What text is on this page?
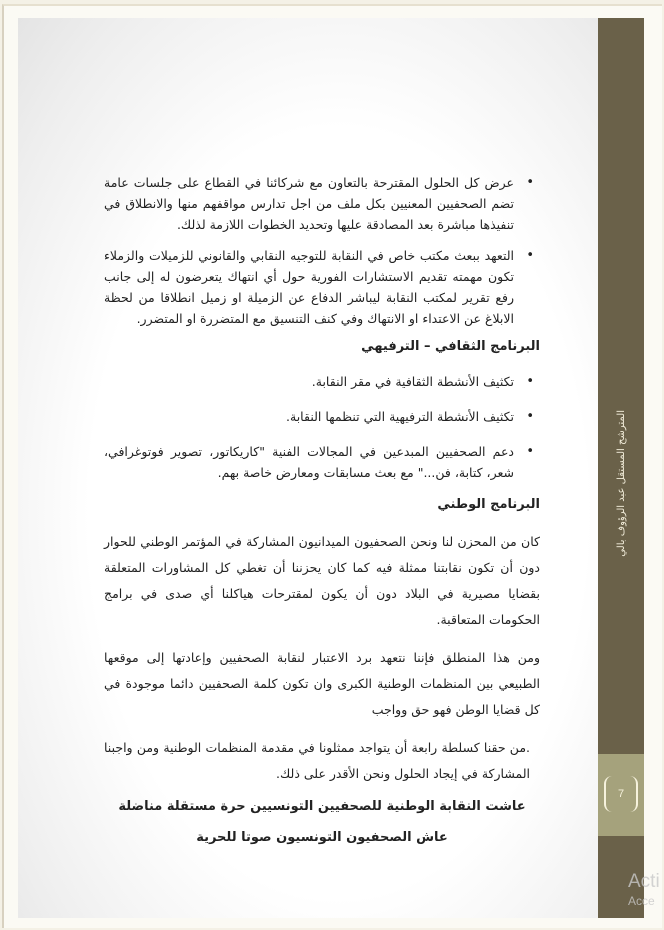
• عرض كل الحلول المقترحة بالتعاون مع شركائنا في القطاع على جلسات عامة تضم الصحفيين المعنيين بكل ملف من اجل تدارس مواقفهم منها والانطلاق في تنفيذها مباشرة بعد المصادقة عليها وتحديد الخطوات اللازمة لذلك.
• التعهد ببعث مكتب خاص في النقابة للتوجيه النقابي والقانوني للزميلات والزملاء تكون مهمته تقديم الاستشارات الفورية حول أي انتهاك يتعرضون له إلى جانب رفع تقرير لمكتب النقابة ليباشر الدفاع عن الزميلة او زميل انطلاقا من لحظة الابلاغ عن الاعتداء او الانتهاك وفي كنف التنسيق مع المتضررة او المتضرر.
البرنامج الثقافي – الترفيهي
• تكثيف الأنشطة الثقافية في مقر النقابة.
• تكثيف الأنشطة الترفيهية التي تنظمها النقابة.
• دعم الصحفيين المبدعين في المجالات الفنية "كاريكاتور، تصوير فوتوغرافي، شعر، كتابة، فن..." مع بعث مسابقات ومعارض خاصة بهم.
البرنامج الوطني
كان من المحزن لنا ونحن الصحفيون الميدانيون المشاركة في المؤتمر الوطني للحوار دون أن تكون نقابتنا ممثلة فيه كما كان يحزننا أن تغطي كل المشاورات المتعلقة بقضايا مصيرية في البلاد دون أن يكون لمقترحات هياكلنا أي صدى في برامج الحكومات المتعاقبة.
ومن هذا المنطلق فإننا نتعهد برد الاعتبار لنقابة الصحفيين وإعادتها إلى موقعها الطبيعي بين المنظمات الوطنية الكبرى وان تكون كلمة الصحفيين دائما موجودة في كل قضايا الوطن فهو حق وواجب
.من حقنا كسلطة رابعة أن يتواجد ممثلونا في مقدمة المنظمات الوطنية ومن واجبنا المشاركة في إيجاد الحلول ونحن الأقدر على ذلك.
عاشت النقابة الوطنية للصحفيين التونسيين حرة مستقلة مناضلة
عاش الصحفيون التونسيون صوتا للحرية
المترشح المستقل عبد الرؤوف بالي
7
Acti
Acce
